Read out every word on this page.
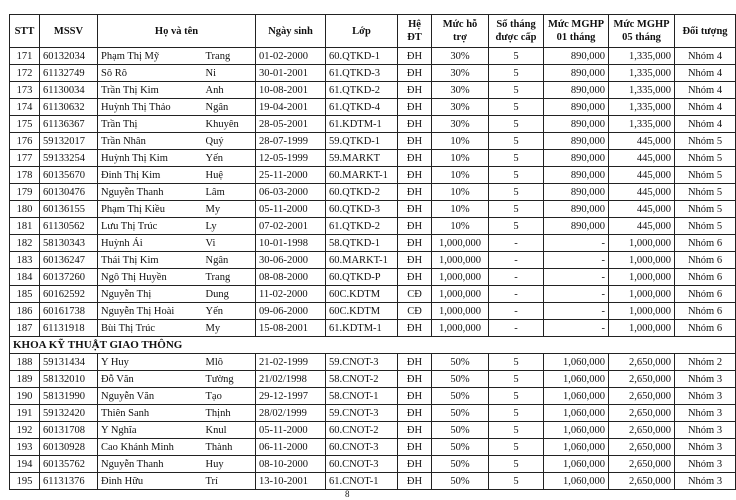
STT	MSSV	Họ và tên		Ngày sinh	Lớp	Hệ ĐT	Mức hỗ trợ	Số tháng được cấp	Mức MGHP 01 tháng	Mức MGHP 05 tháng	Đối tượng
171	60132034	Phạm Thị Mỹ	Trang	01-02-2000	60.QTKD-1	ĐH	30%	5	890,000	1,335,000	Nhóm 4
172	61132749	Sô Rô	Ni	30-01-2001	61.QTKD-3	ĐH	30%	5	890,000	1,335,000	Nhóm 4
173	61130034	Trần Thị Kim	Anh	10-08-2001	61.QTKD-2	ĐH	30%	5	890,000	1,335,000	Nhóm 4
174	61130632	Huỳnh Thị Thảo	Ngân	19-04-2001	61.QTKD-4	ĐH	30%	5	890,000	1,335,000	Nhóm 4
175	61136367	Trần Thị	Khuyên	28-05-2001	61.KDTM-1	ĐH	30%	5	890,000	1,335,000	Nhóm 4
176	59132017	Trần Nhân	Quý	28-07-1999	59.QTKD-1	ĐH	10%	5	890,000	445,000	Nhóm 5
177	59133254	Huỳnh Thị Kim	Yến	12-05-1999	59.MARKT	ĐH	10%	5	890,000	445,000	Nhóm 5
178	60135670	Đinh Thị Kim	Huệ	25-11-2000	60.MARKT-1	ĐH	10%	5	890,000	445,000	Nhóm 5
179	60130476	Nguyễn Thanh	Lâm	06-03-2000	60.QTKD-2	ĐH	10%	5	890,000	445,000	Nhóm 5
180	60136155	Phạm Thị Kiều	My	05-11-2000	60.QTKD-3	ĐH	10%	5	890,000	445,000	Nhóm 5
181	61130562	Lưu Thị Trúc	Ly	07-02-2001	61.QTKD-2	ĐH	10%	5	890,000	445,000	Nhóm 5
182	58130343	Huỳnh Ái	Vi	10-01-1998	58.QTKD-1	ĐH	1,000,000	-	-	1,000,000	Nhóm 6
183	60136247	Thái Thị Kim	Ngân	30-06-2000	60.MARKT-1	ĐH	1,000,000	-	-	1,000,000	Nhóm 6
184	60137260	Ngô Thị Huyền	Trang	08-08-2000	60.QTKD-P	ĐH	1,000,000	-	-	1,000,000	Nhóm 6
185	60162592	Nguyễn Thị	Dung	11-02-2000	60C.KDTM	CĐ	1,000,000	-	-	1,000,000	Nhóm 6
186	60161738	Nguyễn Thị Hoài	Yến	09-06-2000	60C.KDTM	CĐ	1,000,000	-	-	1,000,000	Nhóm 6
187	61131918	Bùi Thị Trúc	My	15-08-2001	61.KDTM-1	ĐH	1,000,000	-	-	1,000,000	Nhóm 6
KHOA KỸ THUẬT GIAO THÔNG											
188	59131434	Y Huy	Mlô	21-02-1999	59.CNOT-3	ĐH	50%	5	1,060,000	2,650,000	Nhóm 2
189	58132010	Đỗ Văn	Tường	21/02/1998	58.CNOT-2	ĐH	50%	5	1,060,000	2,650,000	Nhóm 3
190	58131990	Nguyễn Văn	Tạo	29-12-1997	58.CNOT-1	ĐH	50%	5	1,060,000	2,650,000	Nhóm 3
191	59132420	Thiên Sanh	Thịnh	28/02/1999	59.CNOT-3	ĐH	50%	5	1,060,000	2,650,000	Nhóm 3
192	60131708	Y Nghĩa	Knul	05-11-2000	60.CNOT-2	ĐH	50%	5	1,060,000	2,650,000	Nhóm 3
193	60130928	Cao Khánh Minh	Thành	06-11-2000	60.CNOT-3	ĐH	50%	5	1,060,000	2,650,000	Nhóm 3
194	60135762	Nguyễn Thanh	Huy	08-10-2000	60.CNOT-3	ĐH	50%	5	1,060,000	2,650,000	Nhóm 3
195	61131376	Đinh Hữu	Trí	13-10-2001	61.CNOT-1	ĐH	50%	5	1,060,000	2,650,000	Nhóm 3
8
